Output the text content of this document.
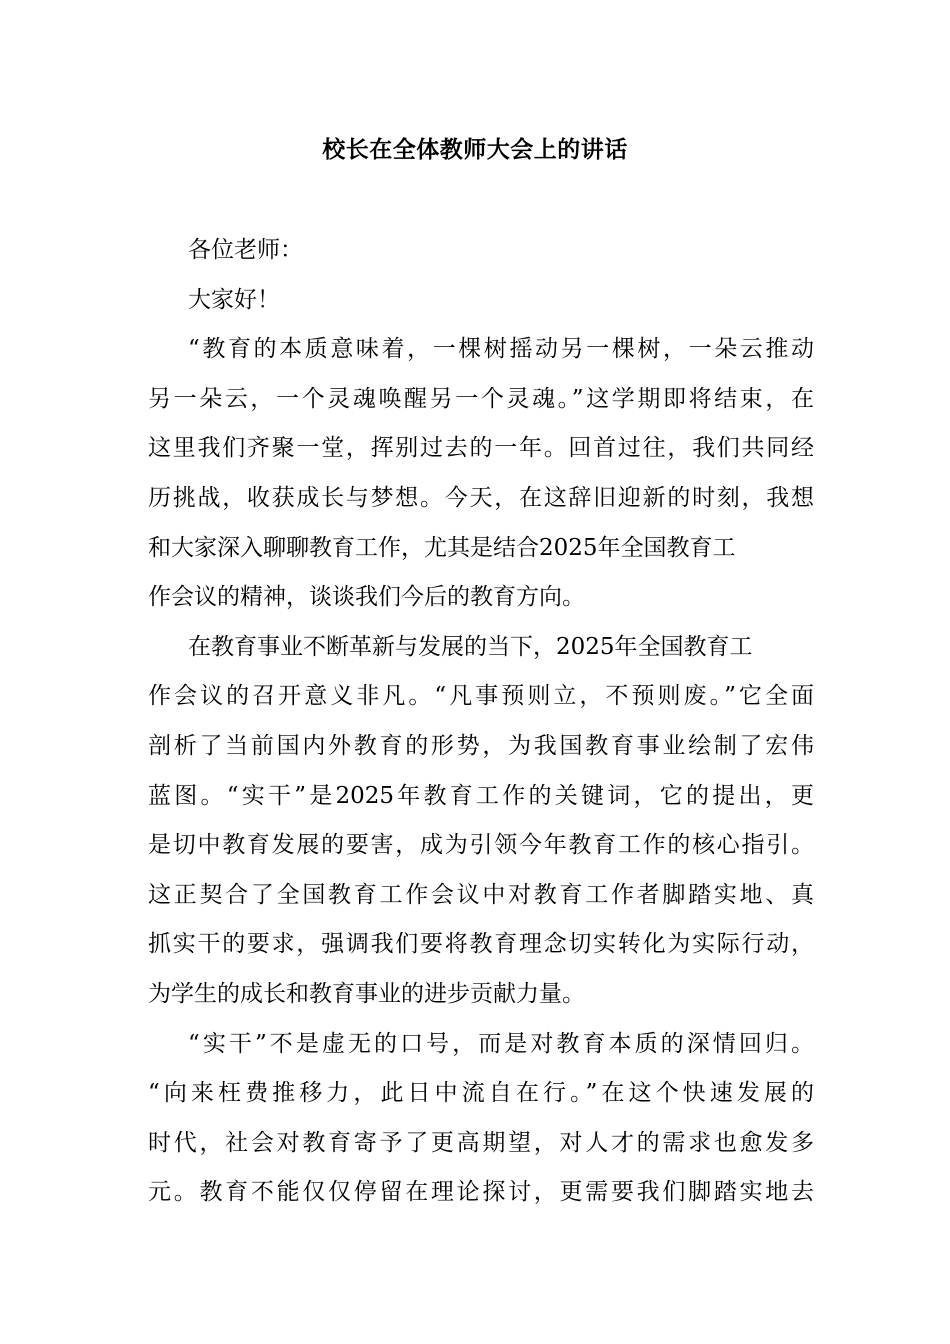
校长在全体教师大会上的讲话
各位老师：
大家好！
“教育的本质意味着，一棵树摇动另一棵树，一朵云推动
另一朵云，一个灵魂唤醒另一个灵魂。”这学期即将结束，在
这里我们齐聚一堂，挥别过去的一年。回首过往，我们共同经
历挑战，收获成长与梦想。今天，在这辞旧迎新的时刻，我想
和大家深入聊聊教育工作，尤其是结合2025年全国教育工
作会议的精神，谈谈我们今后的教育方向。
在教育事业不断革新与发展的当下，2025年全国教育工
作会议的召开意义非凡。“凡事预则立，不预则废。”它全面
剖析了当前国内外教育的形势，为我国教育事业绘制了宏伟
蓝图。“实干”是2025年教育工作的关键词，它的提出，更
是切中教育发展的要害，成为引领今年教育工作的核心指引。
这正契合了全国教育工作会议中对教育工作者脚踏实地、真
抓实干的要求，强调我们要将教育理念切实转化为实际行动，
为学生的成长和教育事业的进步贡献力量。
“实干”不是虚无的口号，而是对教育本质的深情回归。
“向来枉费推移力，此日中流自在行。”在这个快速发展的
时代，社会对教育寄予了更高期望，对人才的需求也愈发多
元。教育不能仅仅停留在理论探讨，更需要我们脚踏实地去
